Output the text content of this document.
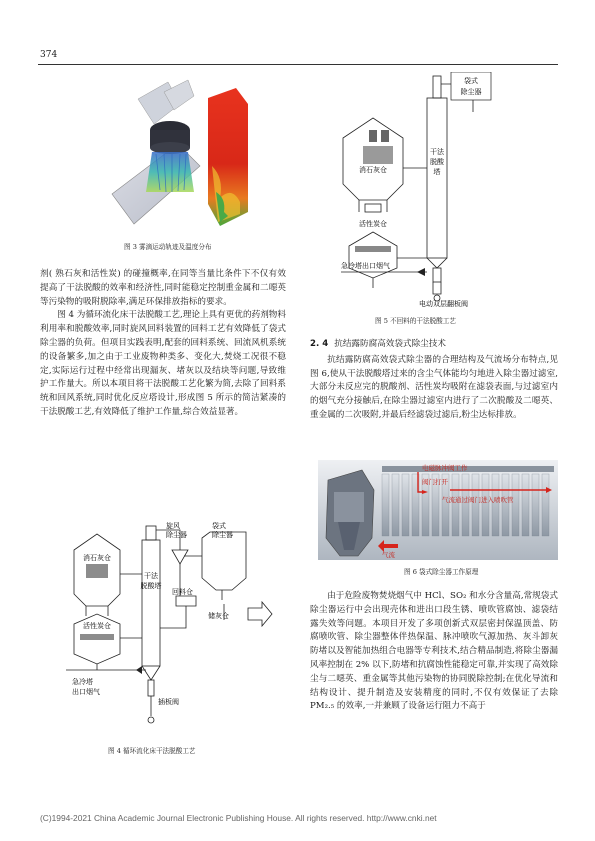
374
图 3 雾滴运动轨迹及温度分布
袋式
除尘器
消石灰仓
活性炭仓
干法
脱酸
塔
急冷塔出口烟气
电动双层翻板阀
图 5 不回料的干法脱酸工艺

剂( 熟石灰和活性炭) 的碰撞概率,在同等当量比条件下不仅有效提高了干法脱酸的效率和经济性,同时能稳定控制重金属和二噁英等污染物的吸附脱除率,满足环保排放指标的要求。

图 4 为循环流化床干法脱酸工艺,理论上具有更优的药剂物料利用率和脱酸效率,同时旋风回料装置的回料工艺有效降低了袋式除尘器的负荷。但项目实践表明,配套的回料系统、回流风机系统的设备繁多,加之由于工业废物种类多、变化大,焚烧工况很不稳定,实际运行过程中经常出现漏灰、堵灰以及结块等问题,导致维护工作量大。所以本项目将干法脱酸工艺化繁为简,去除了回料系统和回风系统,同时优化反应塔设计,形成图 5 所示的简洁紧凑的干法脱酸工艺,有效降低了维护工作量,综合效益显著。

消石灰仓
活性炭仓
急冷塔
出口烟气
旋风
除尘器
袋式
除尘器
干法
脱酸塔
回料仓
储灰仓
插板阀
图 4 循环流化床干法脱酸工艺
2. 4 抗结露防腐高效袋式除尘技术

抗结露防腐高效袋式除尘器的合理结构及气流场分布特点,见图 6,使从干法脱酸塔过来的含尘气体能均匀地进入除尘器过滤室,大部分未反应完的脱酸剂、活性炭均吸附在滤袋表面,与过滤室内的烟气充分接触后,在除尘器过滤室内进行了二次脱酸及二噁英、重金属的二次吸附,并最后经滤袋过滤后,粉尘达标排放。

电磁脉冲阀工作
阀门打开
气流通过阀门进入喷吹管
气流
图 6 袋式除尘器工作原理

由于危险废物焚烧烟气中 HCl、SO₂ 和水分含量高,常规袋式除尘器运行中会出现壳体和进出口段生锈、喷吹管腐蚀、滤袋结露失效等问题。本项目开发了多项创新式双层密封保温顶盖、防腐喷吹管、除尘器整体伴热保温、脉冲喷吹气源加热、灰斗卸灰防堵以及智能加热组合电器等专利技术,结合精品制造,将除尘器漏风率控制在 2% 以下,防堵和抗腐蚀性能稳定可靠,并实现了高效除尘与二噁英、重金属等其他污染物的协同脱除控制;在优化导流和结构设计、提升制造及安装精度的同时,不仅有效保证了去除 PM₂.₅ 的效率,一并兼顾了设备运行阻力不高于

(C)1994-2021 China Academic Journal Electronic Publishing House. All rights reserved. http://www.cnki.net
